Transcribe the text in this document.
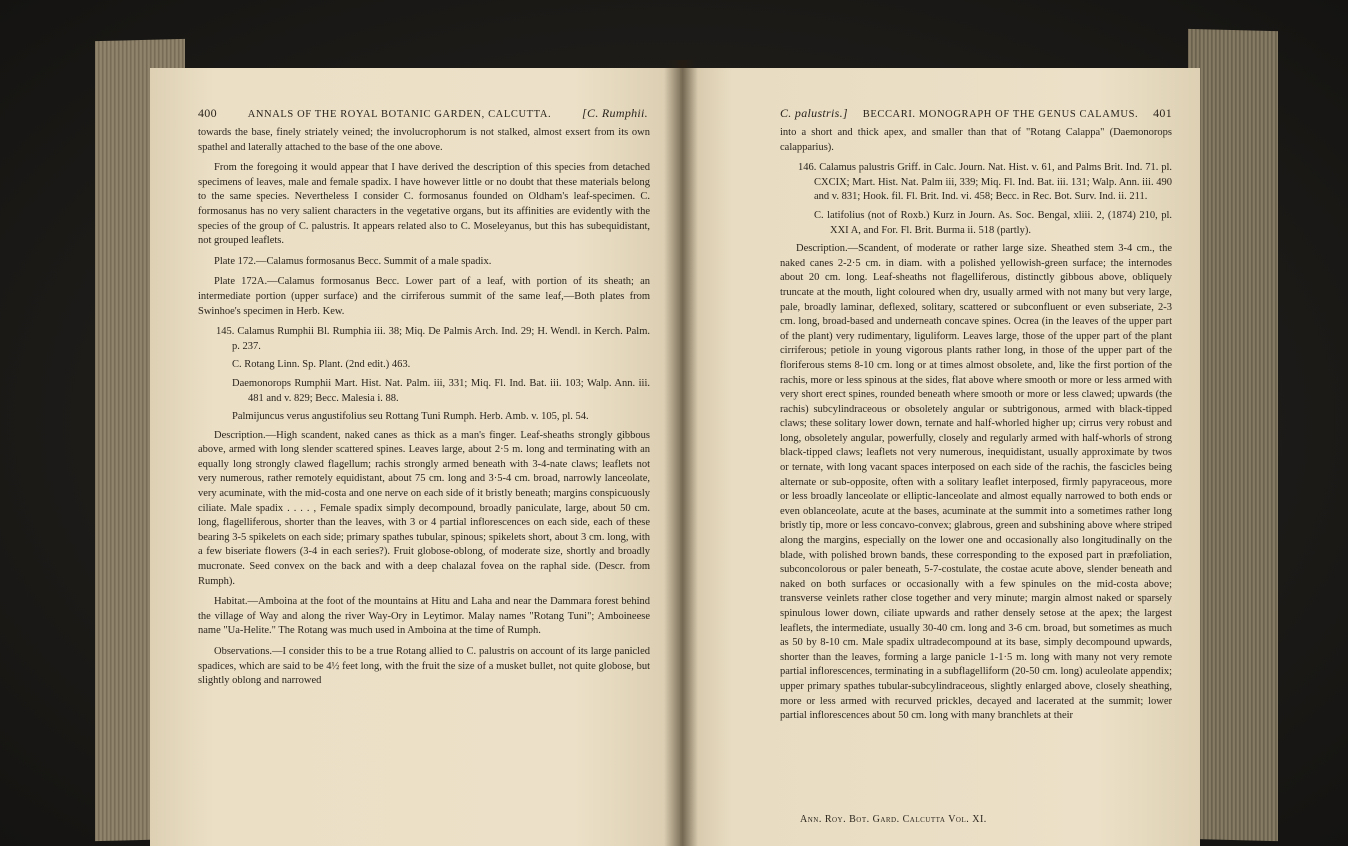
400	ANNALS OF THE ROYAL BOTANIC GARDEN, CALCUTTA.	[C. Rumphii.

towards the base, finely striately veined; the involucrophorum is not stalked, almost exsert from its own spathel and laterally attached to the base of the one above.

From the foregoing it would appear that I have derived the description of this species from detached specimens of leaves, male and female spadix. I have however little or no doubt that these materials belong to the same species. Nevertheless I consider C. formosanus founded on Oldham's leaf-specimen. C. formosanus has no very salient characters in the vegetative organs, but its affinities are evidently with the species of the group of C. palustris. It appears related also to C. Moseleyanus, but this has subequidistant, not grouped leaflets.

Plate 172.—Calamus formosanus Becc. Summit of a male spadix.

Plate 172A.—Calamus formosanus Becc. Lower part of a leaf, with portion of its sheath; an intermediate portion (upper surface) and the cirriferous summit of the same leaf,—Both plates from Swinhoe's specimen in Herb. Kew.

145. Calamus Rumphii Bl. Rumphia iii. 38; Miq. De Palmis Arch. Ind. 29; H. Wendl. in Kerch. Palm. p. 237.

C. Rotang Linn. Sp. Plant. (2nd edit.) 463.

Daemonorops Rumphii Mart. Hist. Nat. Palm. iii, 331; Miq. Fl. Ind. Bat. iii. 103; Walp. Ann. iii. 481 and v. 829; Becc. Malesia i. 88.

Palmijuncus verus angustifolius seu Rottang Tuni Rumph. Herb. Amb. v. 105, pl. 54.

Description.—High scandent, naked canes as thick as a man's finger. Leaf-sheaths strongly gibbous above, armed with long slender scattered spines. Leaves large, about 2·5 m. long and terminating with an equally long strongly clawed flagellum; rachis strongly armed beneath with 3-4-nate claws; leaflets not very numerous, rather remotely equidistant, about 75 cm. long and 3·5-4 cm. broad, narrowly lanceolate, very acuminate, with the mid-costa and one nerve on each side of it bristly beneath; margins conspicuously ciliate. Male spadix . . . . , Female spadix simply decompound, broadly paniculate, large, about 50 cm. long, flagelliferous, shorter than the leaves, with 3 or 4 partial inflorescences on each side, each of these bearing 3-5 spikelets on each side; primary spathes tubular, spinous; spikelets short, about 3 cm. long, with a few biseriate flowers (3-4 in each series?). Fruit globose-oblong, of moderate size, shortly and broadly mucronate. Seed convex on the back and with a deep chalazal fovea on the raphal side. (Descr. from Rumph).

Habitat.—Amboina at the foot of the mountains at Hitu and Laha and near the Dammara forest behind the village of Way and along the river Way-Ory in Leytimor. Malay names "Rotang Tuni"; Amboineese name "Ua-Helite." The Rotang was much used in Amboina at the time of Rumph.

Observations.—I consider this to be a true Rotang allied to C. palustris on account of its large panicled spadices, which are said to be 4½ feet long, with the fruit the size of a musket bullet, not quite globose, but slightly oblong and narrowed

C. palustris.] BECCARI. MONOGRAPH OF THE GENUS CALAMUS. 401

into a short and thick apex, and smaller than that of "Rotang Calappa" (Daemonorops calapparius).

146. Calamus palustris Griff. in Calc. Journ. Nat. Hist. v. 61, and Palms Brit. Ind. 71. pl. CXCIX; Mart. Hist. Nat. Palm iii, 339; Miq. Fl. Ind. Bat. iii. 131; Walp. Ann. iii. 490 and v. 831; Hook. fil. Fl. Brit. Ind. vi. 458; Becc. in Rec. Bot. Surv. Ind. ii. 211.

C. latifolius (not of Roxb.) Kurz in Journ. As. Soc. Bengal, xliii. 2, (1874) 210, pl. XXI A, and For. Fl. Brit. Burma ii. 518 (partly).

Description.—Scandent, of moderate or rather large size. Sheathed stem 3-4 cm., the naked canes 2-2·5 cm. in diam. with a polished yellowish-green surface; the internodes about 20 cm. long. Leaf-sheaths not flagelliferous, distinctly gibbous above, obliquely truncate at the mouth, light coloured when dry, usually armed with not many but very large, pale, broadly laminar, deflexed, solitary, scattered or subconfluent or even subseriate, 2-3 cm. long, broad-based and underneath concave spines. Ocrea (in the leaves of the upper part of the plant) very rudimentary, liguliform. Leaves large, those of the upper part of the plant cirriferous; petiole in young vigorous plants rather long, in those of the upper part of the floriferous stems 8-10 cm. long or at times almost obsolete, and, like the first portion of the rachis, more or less spinous at the sides, flat above where smooth or more or less armed with very short erect spines, rounded beneath where smooth or more or less clawed; upwards (the rachis) subcylindraceous or obsoletely angular or subtrigonous, armed with black-tipped claws; these solitary lower down, ternate and half-whorled higher up; cirrus very robust and long, obsoletely angular, powerfully, closely and regularly armed with half-whorls of strong black-tipped claws; leaflets not very numerous, inequidistant, usually approximate by twos or ternate, with long vacant spaces interposed on each side of the rachis, the fascicles being alternate or sub-opposite, often with a solitary leaflet interposed, firmly papyraceous, more or less broadly lanceolate or elliptic-lanceolate and almost equally narrowed to both ends or even oblanceolate, acute at the bases, acuminate at the summit into a sometimes rather long bristly tip, more or less concavo-convex; glabrous, green and subshining above where striped along the margins, especially on the lower one and occasionally also longitudinally on the blade, with polished brown bands, these corresponding to the exposed part in præfoliation, subconcolorous or paler beneath, 5-7-costulate, the costae acute above, slender beneath and naked on both surfaces or occasionally with a few spinules on the mid-costa above; transverse veinlets rather close together and very minute; margin almost naked or sparsely spinulous lower down, ciliate upwards and rather densely setose at the apex; the largest leaflets, the intermediate, usually 30-40 cm. long and 3-6 cm. broad, but sometimes as much as 50 by 8-10 cm. Male spadix ultradecompound at its base, simply decompound upwards, shorter than the leaves, forming a large panicle 1-1·5 m. long with many not very remote partial inflorescences, terminating in a subflagelliform (20-50 cm. long) aculeolate appendix; upper primary spathes tubular-subcylindraceous, slightly enlarged above, closely sheathing, more or less armed with recurved prickles, decayed and lacerated at the summit; lower partial inflorescences about 50 cm. long with many branchlets at their

Ann. Roy. Bot. Gard. Calcutta Vol. XI.
